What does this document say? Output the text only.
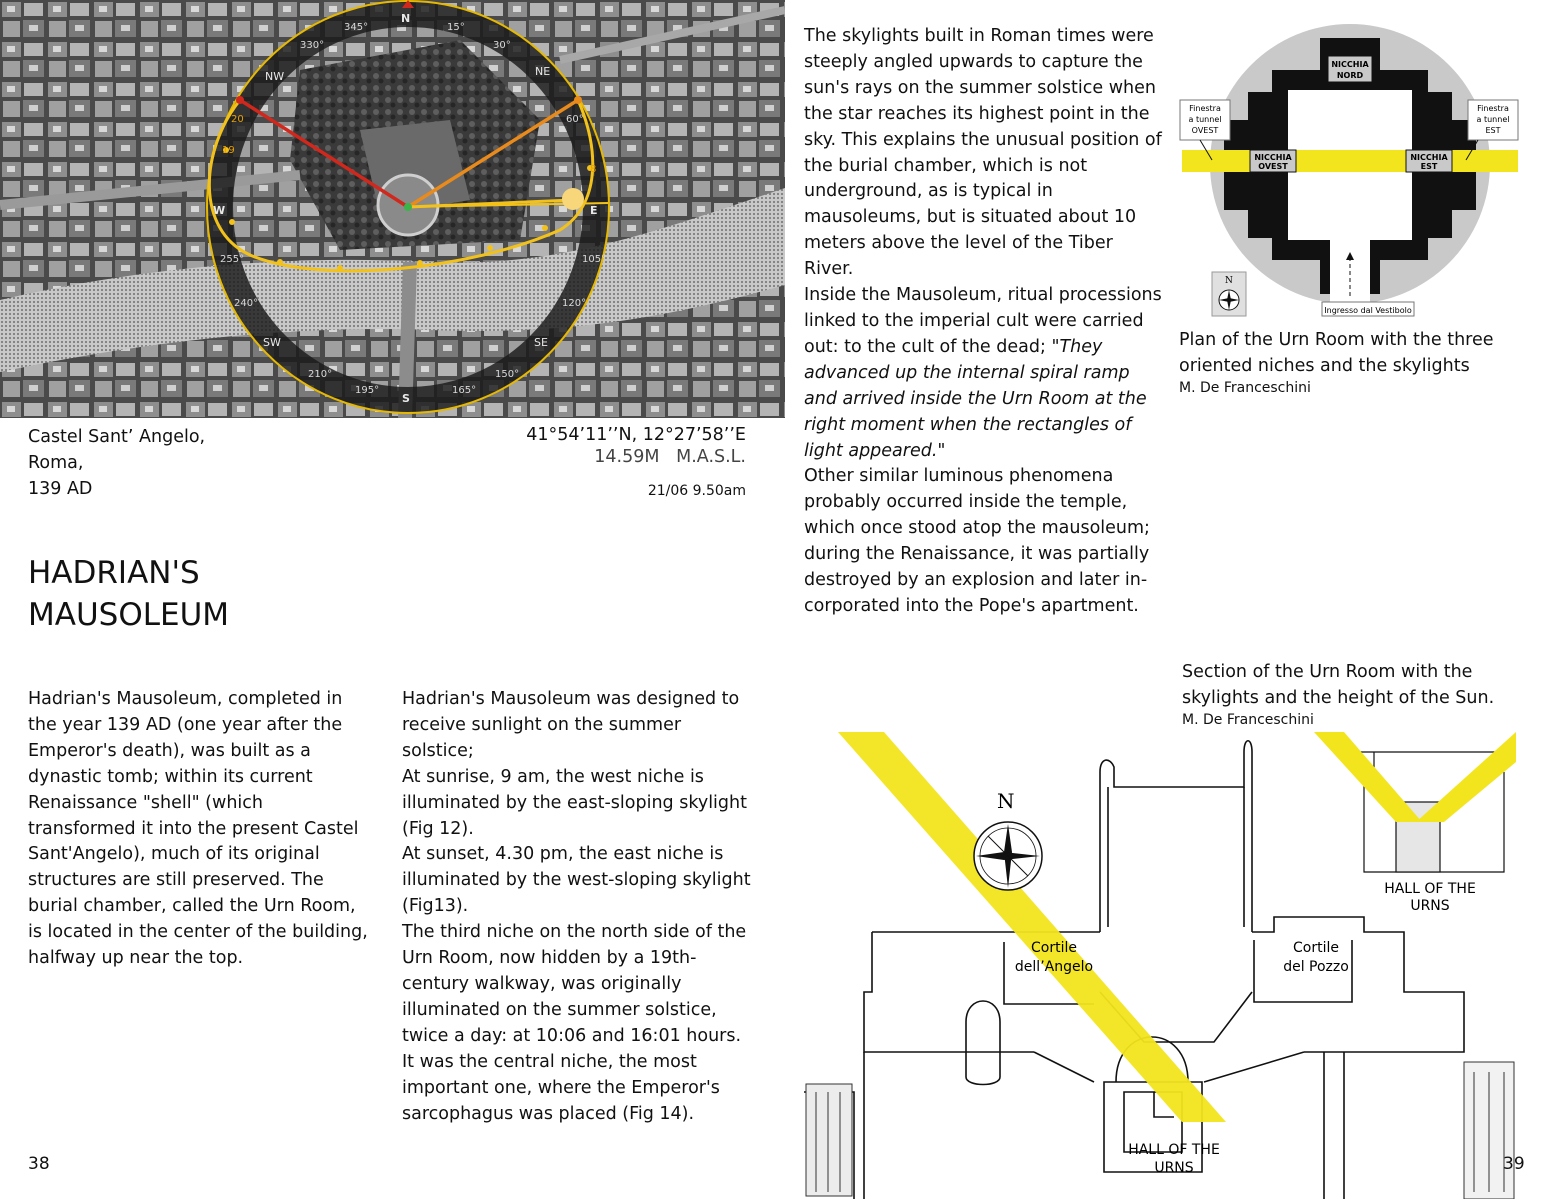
N
NE
E
SE
S
SW
W
NW
15°
30°
60°
105°
120°
150°
165°
195°
210°
240°
255°
330°
345°
20
19
8
Castel Sant’ Angelo,
Roma,
139 AD
41°54’11’’N, 12°27’58’’E
14.59M   M.A.S.L.
21/06 9.50am
HADRIAN'S
MAUSOLEUM

Hadrian's Mausoleum, completed in the year 139 AD (one year after the Emperor's death), was built as a dynastic tomb; within its current Renaissance "shell" (which transformed it into the present Castel Sant'Angelo), much of its original structures are still preserved. The burial chamber, called the Urn Room, is located in the center of the building, halfway up near the top.

Hadrian's Mausoleum was designed to receive sunlight on the summer solstice;

At sunrise, 9 am, the west niche is illuminated by the east-sloping skylight (Fig 12).

At sunset, 4.30 pm, the east niche is illuminated by the west-sloping skylight (Fig13).

The third niche on the north side of the Urn Room, now hidden by a 19th-century walkway, was originally illuminated on the summer solstice, twice a day: at 10:06 and 16:01 hours.

It was the central niche, the most important one, where the Emperor's sarcophagus was placed (Fig 14).

The skylights built in Roman times were steeply angled upwards to capture the sun's rays on the summer solstice when the star reaches its highest point in the sky. This explains the unusual position of the burial chamber, which is not underground, as is typical in mausoleums, but is situated about 10 meters above the level of the Tiber River.

Inside the Mausoleum, ritual processions linked to the imperial cult were carried out: to the cult of the dead; "They advanced up the internal spiral ramp and arrived inside the Urn Room at the right moment when the rectangles of light appeared."

Other similar luminous phenomena probably occurred inside the temple, which once stood atop the mausoleum; during the Renaissance, it was partially destroyed by an explosion and later in-corporated into the Pope's apartment.

NICCHIA
NORD
NICCHIA
OVEST
NICCHIA
EST
Finestra
a tunnel
OVEST
Finestra
a tunnel
EST
Ingresso dal Vestibolo
N
Plan of the Urn Room with the three oriented niches and the skylights
M. De Franceschini
Section of the Urn Room with the skylights and the height of the Sun.
M. De Franceschini
N
Cortile
dell’Angelo
Cortile
del Pozzo
HALL OF THE
URNS
HALL OF THE
URNS
38	39
